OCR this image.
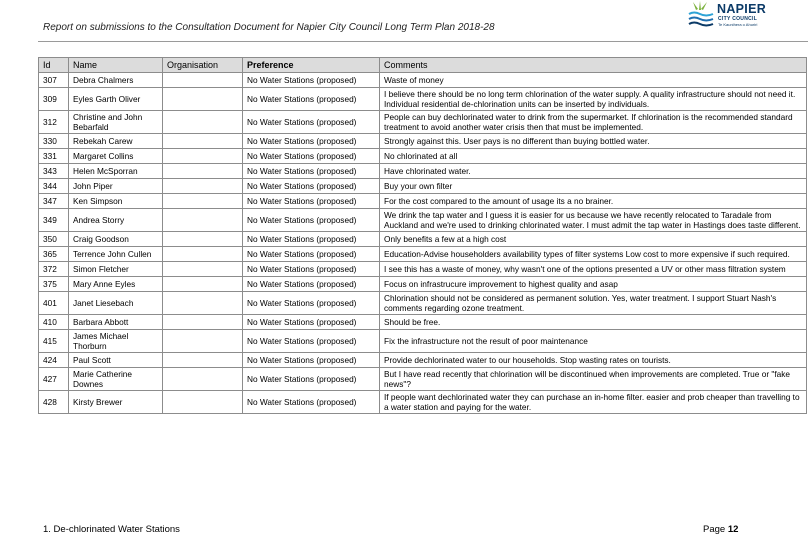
Report on submissions to the Consultation Document for Napier City Council Long Term Plan 2018-28
NAPIER
CITY COUNCIL
Te Kaunihera o Ahuriri
Id	Name	Organisation	Preference	Comments
307	Debra Chalmers		No Water Stations (proposed)	Waste of money
309	Eyles Garth Oliver		No Water Stations (proposed)	I believe there should be no long term chlorination of the water supply. A quality infrastructure should not need it. Individual residential de-chlorination units can be inserted by individuals.
312	Christine and John Bebarfald		No Water Stations (proposed)	People can buy dechlorinated water to drink from the supermarket. If chlorination is the recommended standard treatment to avoid another water crisis then that must be implemented.
330	Rebekah Carew		No Water Stations (proposed)	Strongly against this. User pays is no different than buying bottled water.
331	Margaret Collins		No Water Stations (proposed)	No chlorinated at all
343	Helen McSporran		No Water Stations (proposed)	Have chlorinated water.
344	John Piper		No Water Stations (proposed)	Buy your own filter
347	Ken Simpson		No Water Stations (proposed)	For the cost compared to the amount of usage its a no brainer.
349	Andrea Storry		No Water Stations (proposed)	We drink the tap water and I guess it is easier for us because we have recently relocated to Taradale from Auckland and we're used to drinking chlorinated water. I must admit the tap water in Hastings does taste different.
350	Craig Goodson		No Water Stations (proposed)	Only benefits a few at a high cost
365	Terrence John Cullen		No Water Stations (proposed)	Education-Advise householders availability types of filter systems Low cost to more expensive if such required.
372	Simon Fletcher		No Water Stations (proposed)	I see this has a waste of money, why wasn't one of the options presented a UV or other mass filtration system
375	Mary Anne Eyles		No Water Stations (proposed)	Focus on infrastrucure improvement to highest quality and asap
401	Janet Liesebach		No Water Stations (proposed)	Chlorination should not be considered as permanent solution. Yes, water treatment. I support Stuart Nash's comments regarding ozone treatment.
410	Barbara Abbott		No Water Stations (proposed)	Should be free.
415	James Michael Thorburn		No Water Stations (proposed)	Fix the infrastructure not the result of poor maintenance
424	Paul Scott		No Water Stations (proposed)	Provide dechlorinated water to our households. Stop wasting rates on tourists.
427	Marie Catherine Downes		No Water Stations (proposed)	But I have read recently that chlorination will be discontinued when improvements are completed. True or "fake news"?
428	Kirsty Brewer		No Water Stations (proposed)	If people want dechlorinated water they can purchase an in-home filter. easier and prob cheaper than travelling to a water station and paying for the water.
1. De-chlorinated Water Stations	Page 12
